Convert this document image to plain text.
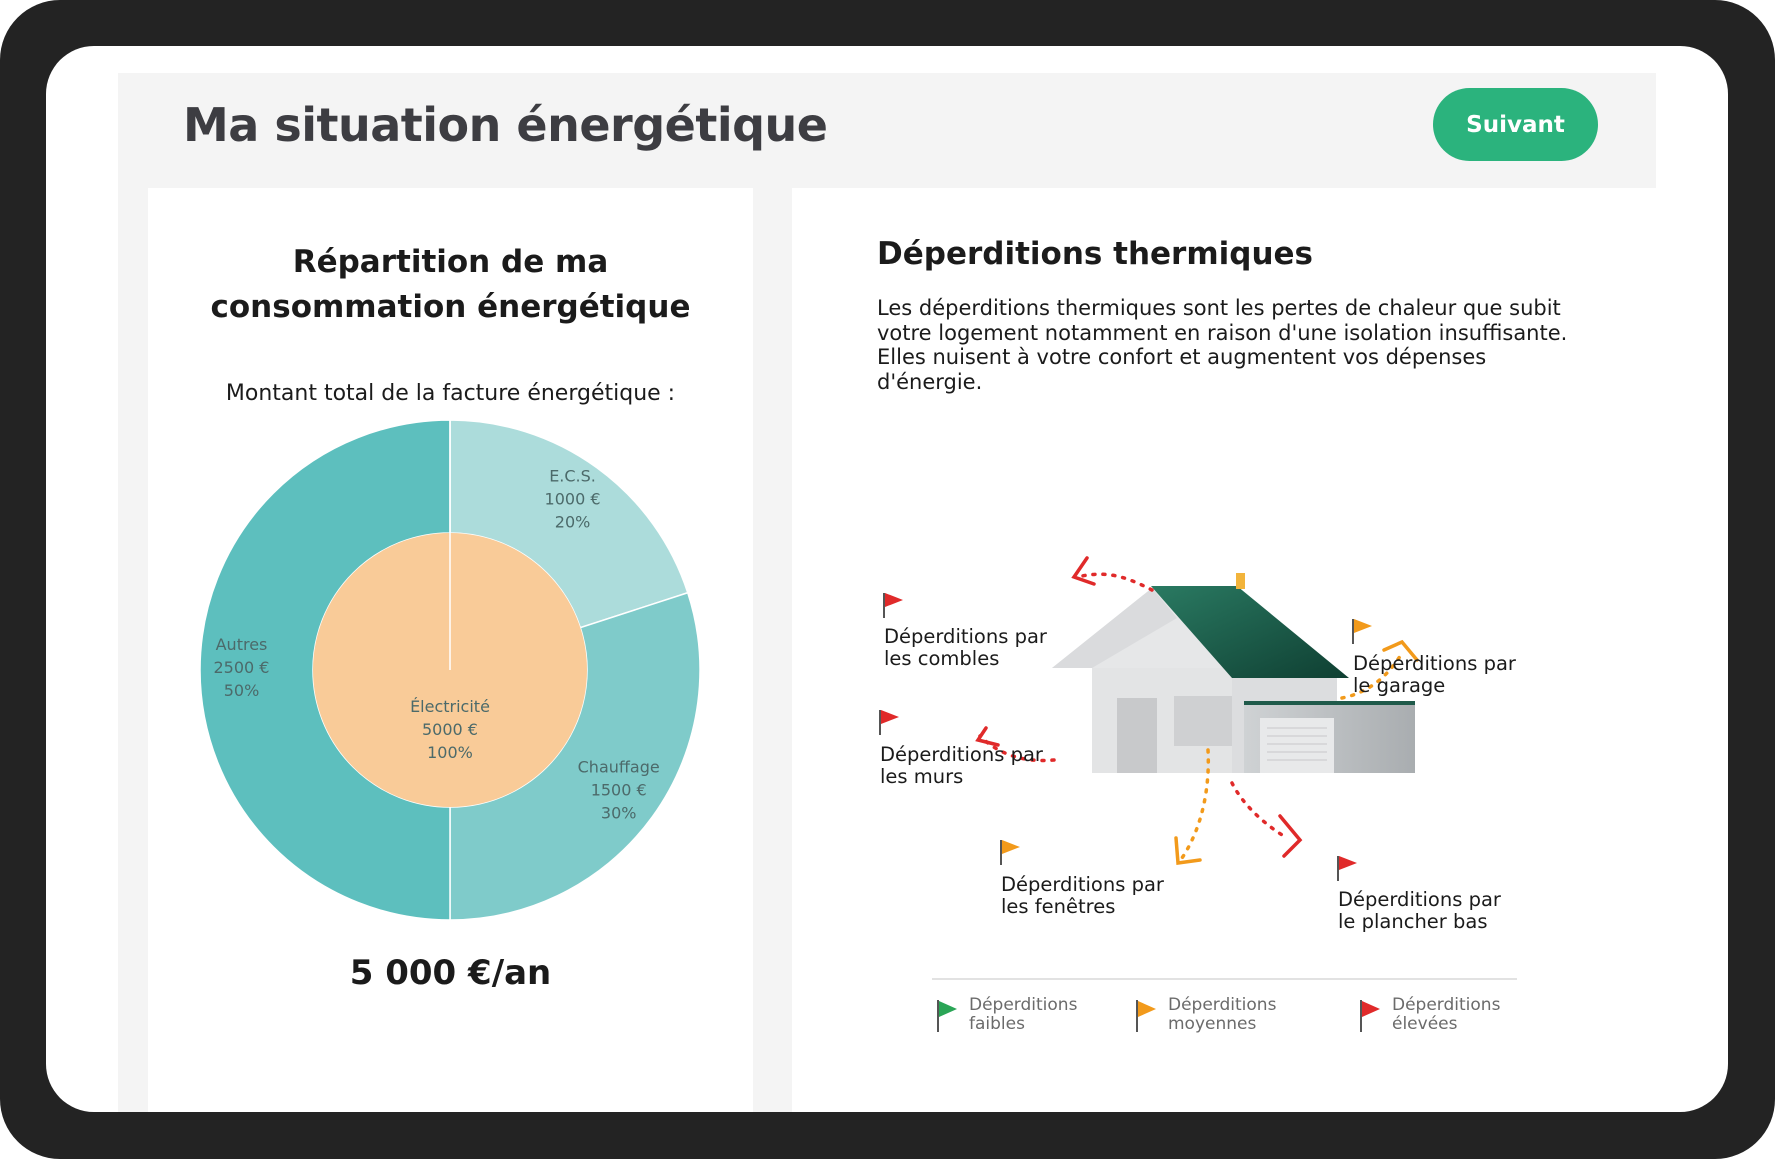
Ma situation énergétique	Suivant
Répartition de ma
consommation énergétique
Montant total de la facture énergétique :
E.C.S. 1000 € 20%
Chauffage 1500 € 30%
Autres 2500 € 50%
Électricité 5000 € 100%
5 000 €/an
Déperditions thermiques

Les déperditions thermiques sont les pertes de chaleur que subit votre logement notamment en raison d'une isolation insuffisante. Elles nuisent à votre confort et augmentent vos dépenses d'énergie.

Déperditions par
les combles	Déperditions par
le garage
Déperditions par
les murs
Déperditions par
les fenêtres	Déperditions par
le plancher bas
Déperditions
faibles
Déperditions
moyennes
Déperditions
élevées
